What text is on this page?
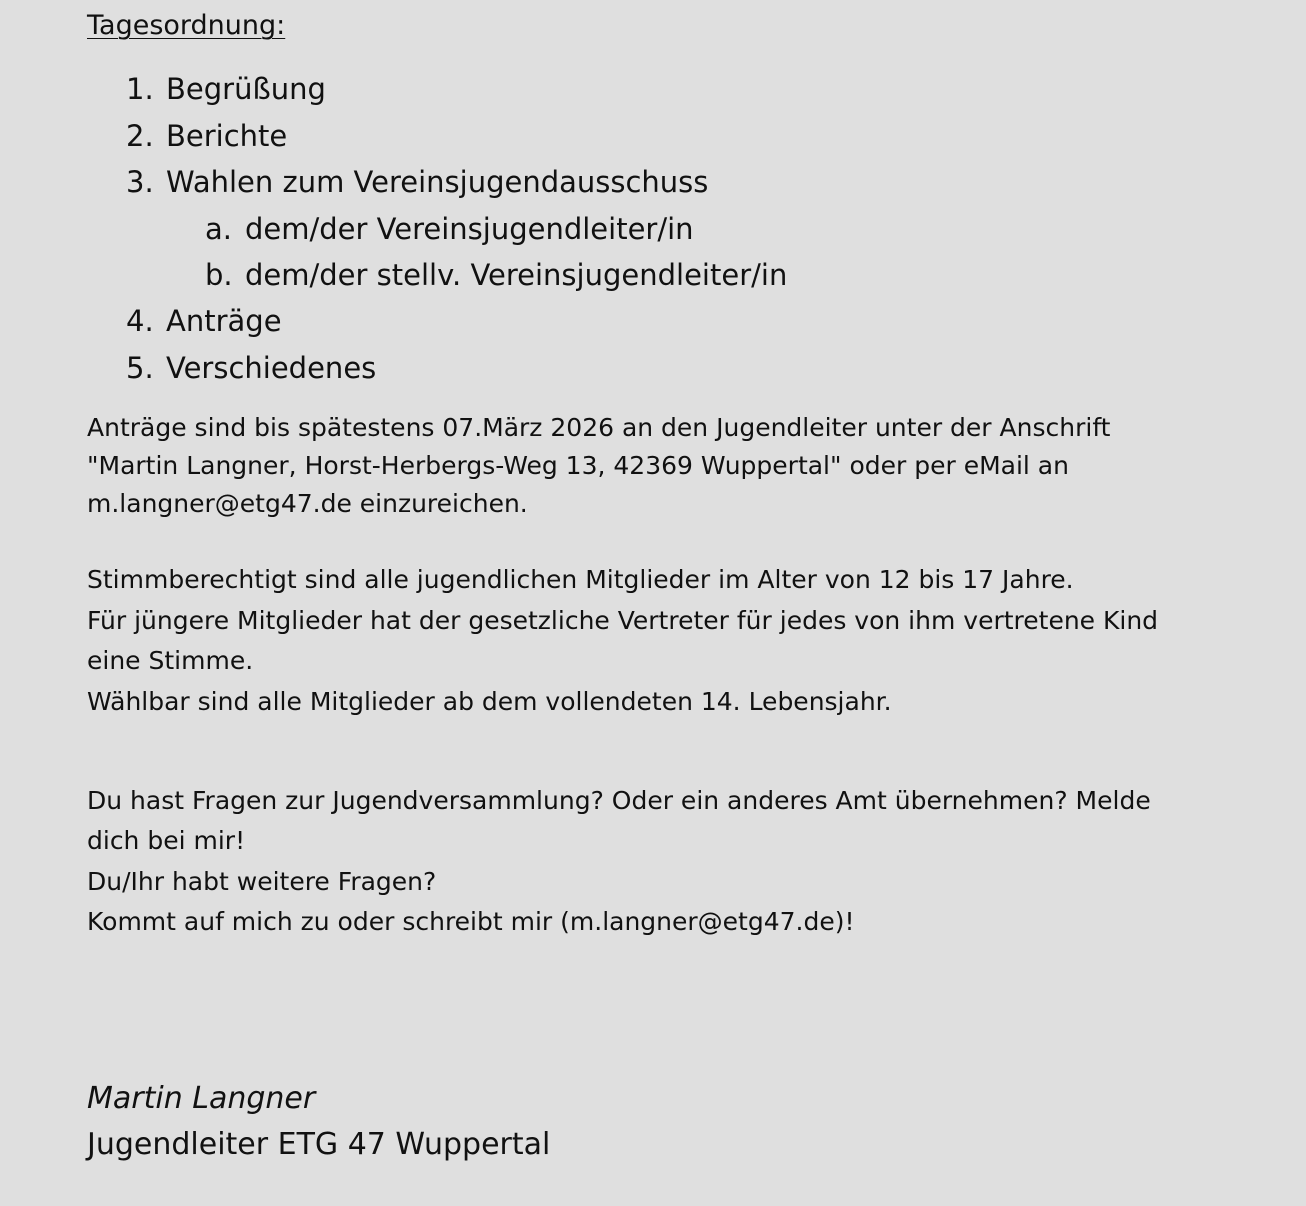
Tagesordnung:
1. Begrüßung
2. Berichte
3. Wahlen zum Vereinsjugendausschuss
a. dem/der Vereinsjugendleiter/in
b. dem/der stellv. Vereinsjugendleiter/in
4. Anträge
5. Verschiedenes
Anträge sind bis spätestens 07.März 2026 an den Jugendleiter unter der Anschrift
"Martin Langner, Horst-Herbergs-Weg 13, 42369 Wuppertal" oder per eMail an
m.langner@etg47.de einzureichen.
Stimmberechtigt sind alle jugendlichen Mitglieder im Alter von 12 bis 17 Jahre.
Für jüngere Mitglieder hat der gesetzliche Vertreter für jedes von ihm vertretene Kind
eine Stimme.
Wählbar sind alle Mitglieder ab dem vollendeten 14. Lebensjahr.
Du hast Fragen zur Jugendversammlung? Oder ein anderes Amt übernehmen? Melde
dich bei mir!
Du/Ihr habt weitere Fragen?
Kommt auf mich zu oder schreibt mir (m.langner@etg47.de)!
Martin Langner
Jugendleiter ETG 47 Wuppertal
